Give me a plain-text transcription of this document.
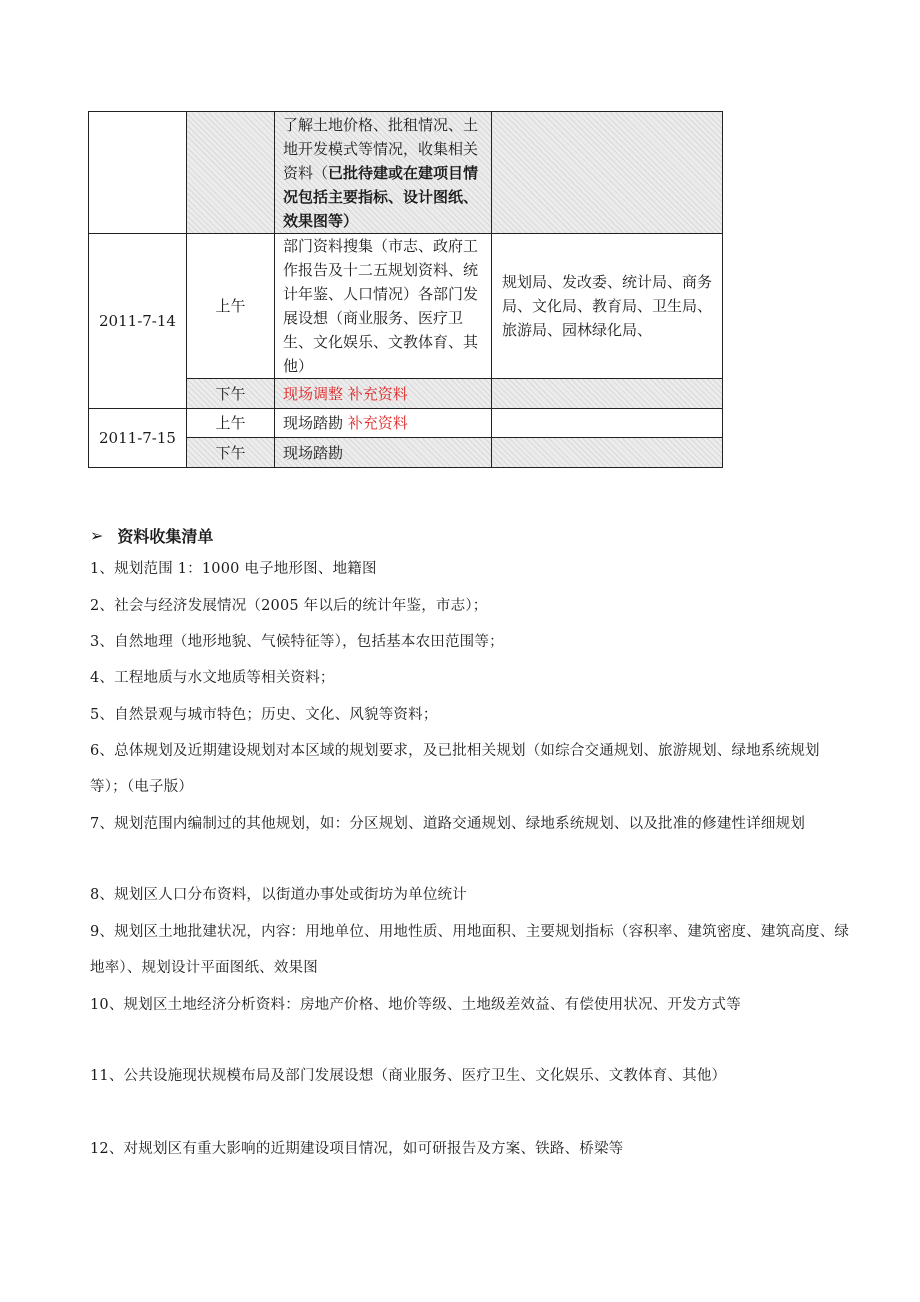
		了解土地价格、批租情况、土地开发模式等情况，收集相关资料（已批待建或在建项目情况包括主要指标、设计图纸、效果图等）	
2011-7-14	上午	部门资料搜集（市志、政府工作报告及十二五规划资料、统计年鉴、人口情况）各部门发展设想（商业服务、医疗卫生、文化娱乐、文教体育、其他）	规划局、发改委、统计局、商务局、文化局、教育局、卫生局、旅游局、园林绿化局、
	下午	现场调整 补充资料	
2011-7-15	上午	现场踏勘 补充资料	
	下午	现场踏勘	
➢ 资料收集清单
1、规划范围 1：1000 电子地形图、地籍图
2、社会与经济发展情况（2005 年以后的统计年鉴，市志）；
3、自然地理（地形地貌、气候特征等），包括基本农田范围等；
4、工程地质与水文地质等相关资料；
5、自然景观与城市特色；历史、文化、风貌等资料；
6、总体规划及近期建设规划对本区域的规划要求，及已批相关规划（如综合交通规划、旅游规划、绿地系统规划等）；（电子版）
7、规划范围内编制过的其他规划，如：分区规划、道路交通规划、绿地系统规划、以及批准的修建性详细规划
8、规划区人口分布资料，以街道办事处或街坊为单位统计
9、规划区土地批建状况，内容：用地单位、用地性质、用地面积、主要规划指标（容积率、建筑密度、建筑高度、绿地率）、规划设计平面图纸、效果图
10、规划区土地经济分析资料：房地产价格、地价等级、土地级差效益、有偿使用状况、开发方式等
11、公共设施现状规模布局及部门发展设想（商业服务、医疗卫生、文化娱乐、文教体育、其他）
12、对规划区有重大影响的近期建设项目情况，如可研报告及方案、铁路、桥梁等
